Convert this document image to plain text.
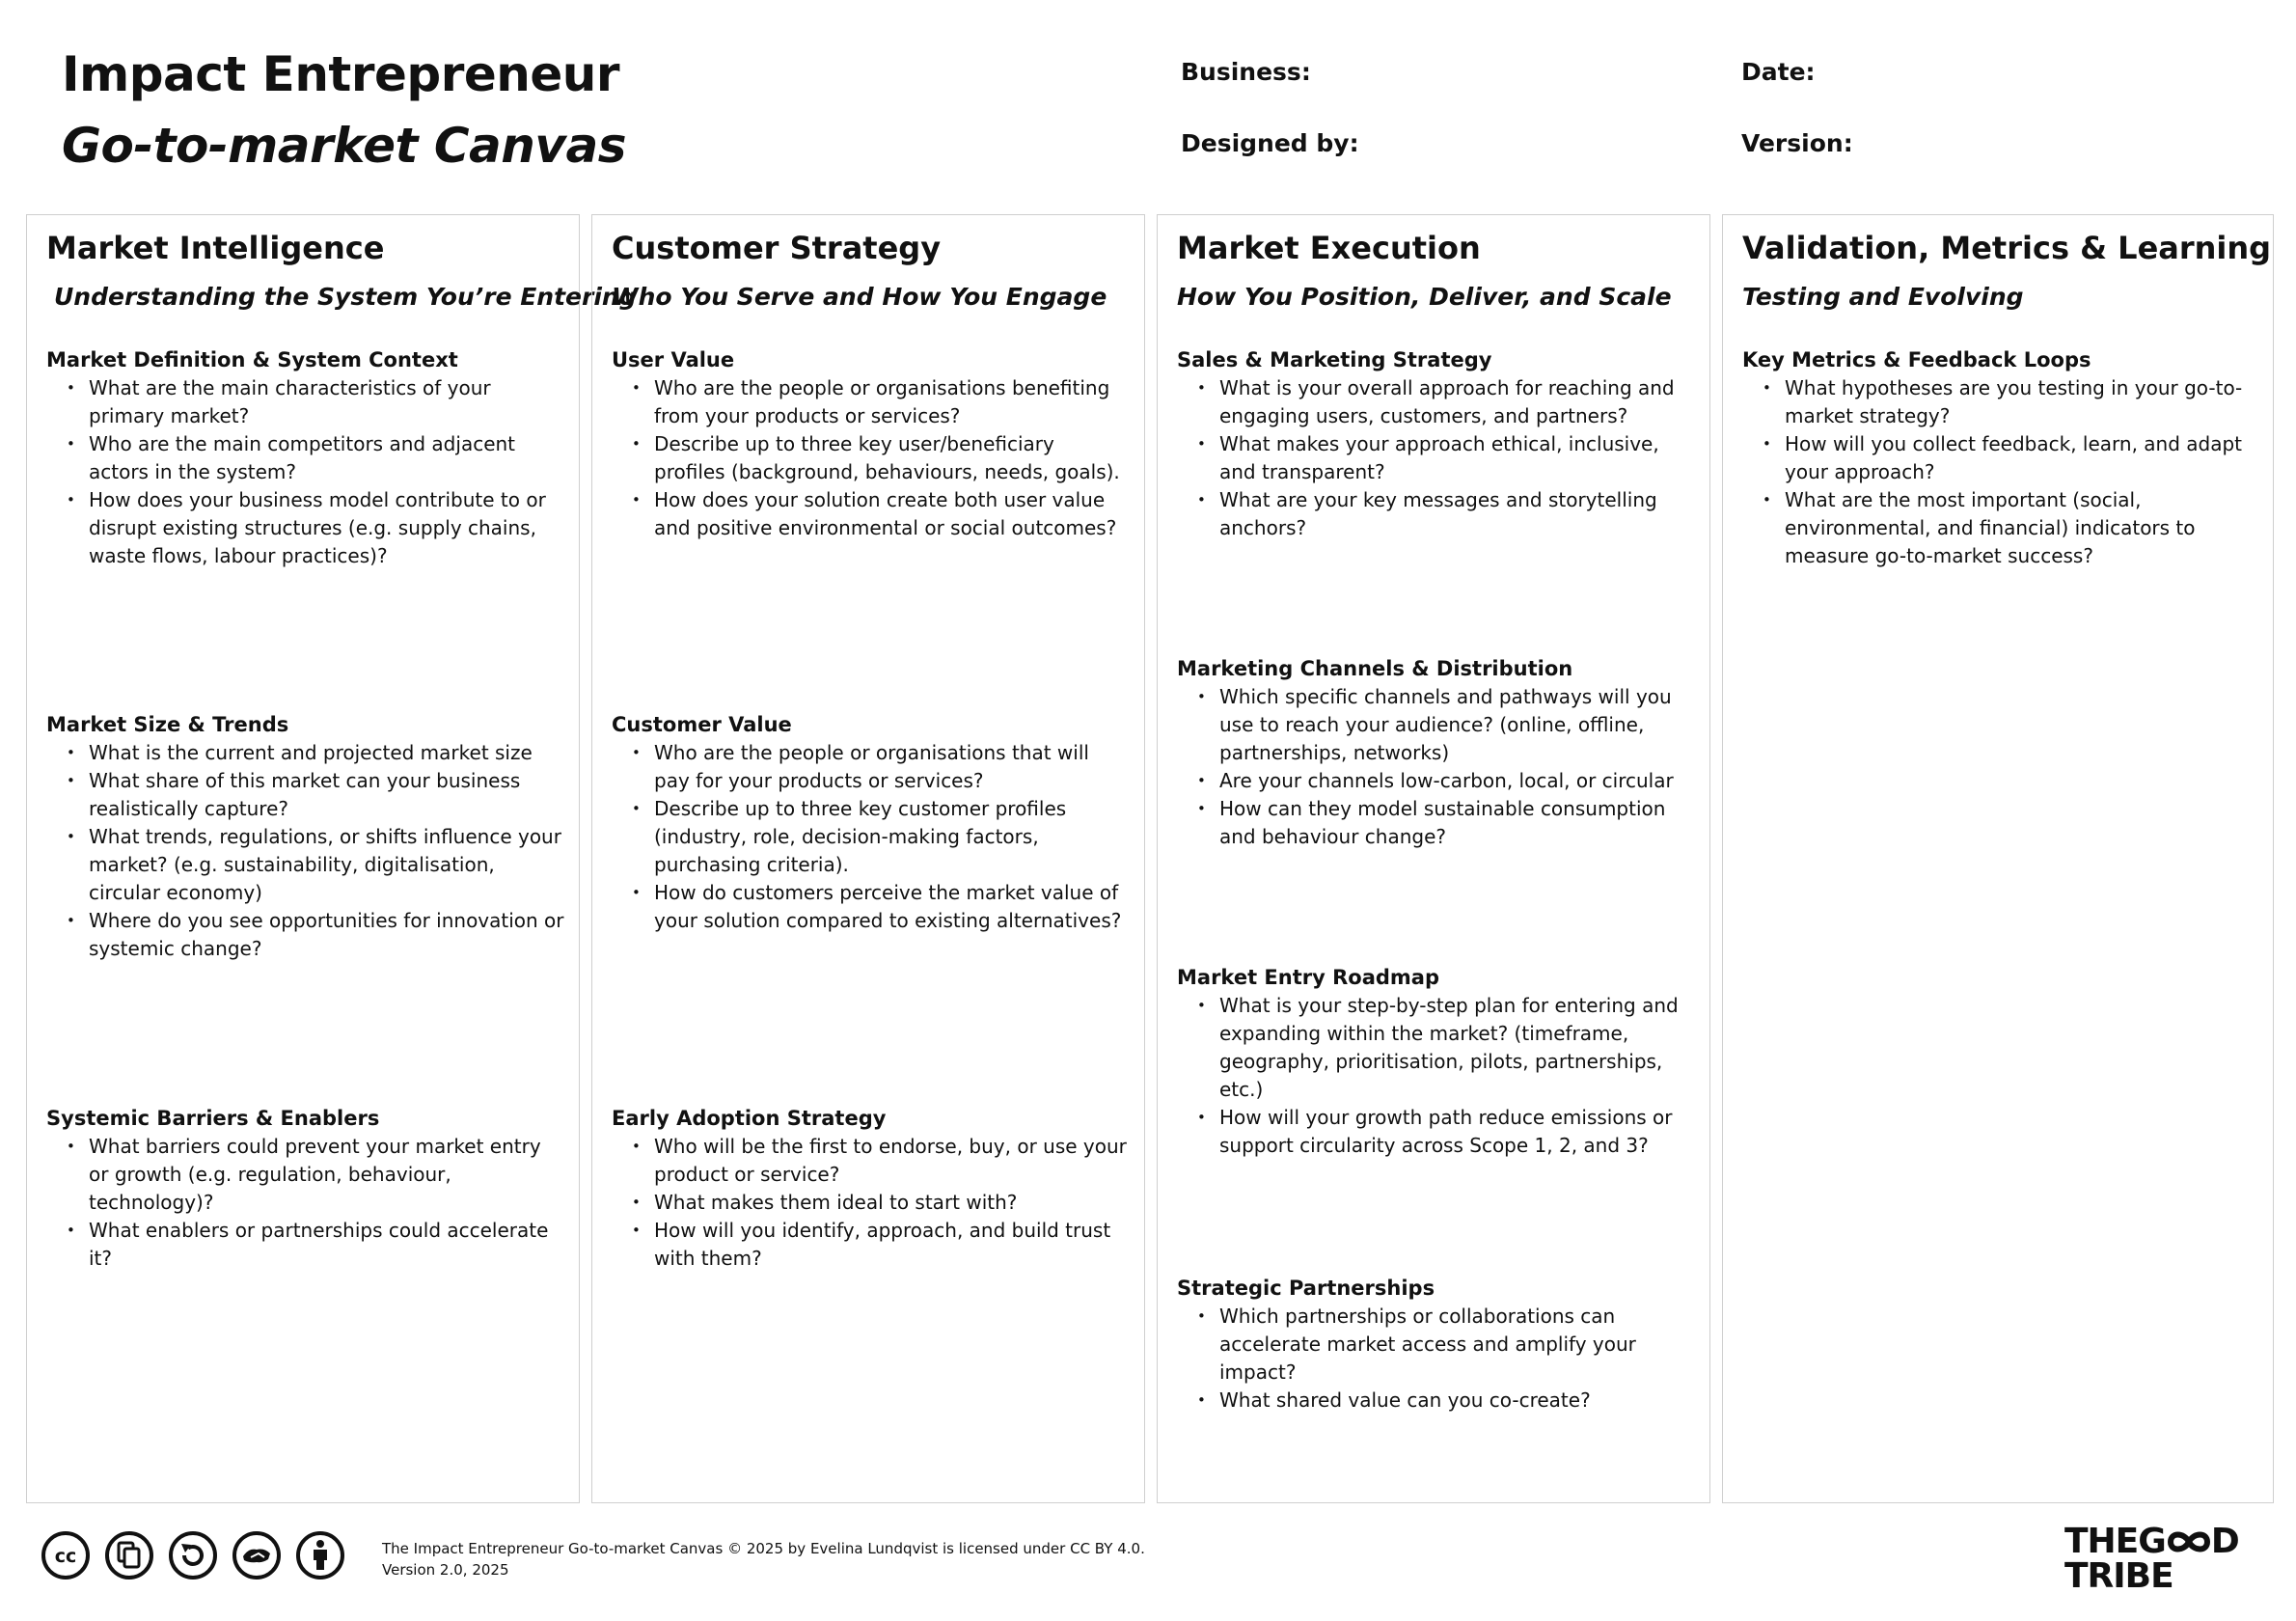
Impact Entrepreneur

Go-to-market Canvas

Business:	Date:

Designed by:	Version:

Market Intelligence

Understanding the System You’re Entering

Market Definition & System Context

• What are the main characteristics of your primary market?
• Who are the main competitors and adjacent actors in the system?
• How does your business model contribute to or disrupt existing structures (e.g. supply chains, waste flows, labour practices)?

Market Size & Trends

• What is the current and projected market size
• What share of this market can your business realistically capture?
• What trends, regulations, or shifts influence your market? (e.g. sustainability, digitalisation, circular economy)
• Where do you see opportunities for innovation or systemic change?

Systemic Barriers & Enablers

• What barriers could prevent your market entry or growth (e.g. regulation, behaviour, technology)?
• What enablers or partnerships could accelerate it?

Customer Strategy

Who You Serve and How You Engage

User Value

• Who are the people or organisations benefiting from your products or services?
• Describe up to three key user/beneficiary profiles (background, behaviours, needs, goals).
• How does your solution create both user value and positive environmental or social outcomes?

Customer Value

• Who are the people or organisations that will pay for your products or services?
• Describe up to three key customer profiles (industry, role, decision-making factors, purchasing criteria).
• How do customers perceive the market value of your solution compared to existing alternatives?

Early Adoption Strategy

• Who will be the first to endorse, buy, or use your product or service?
• What makes them ideal to start with?
• How will you identify, approach, and build trust with them?

Market Execution

How You Position, Deliver, and Scale

Sales & Marketing Strategy

• What is your overall approach for reaching and engaging users, customers, and partners?
• What makes your approach ethical, inclusive, and transparent?
• What are your key messages and storytelling anchors?

Marketing Channels & Distribution

• Which specific channels and pathways will you use to reach your audience? (online, offline, partnerships, networks)
• Are your channels low-carbon, local, or circular
• How can they model sustainable consumption and behaviour change?

Market Entry Roadmap

• What is your step-by-step plan for entering and expanding within the market? (timeframe, geography, prioritisation, pilots, partnerships, etc.)
• How will your growth path reduce emissions or support circularity across Scope 1, 2, and 3?

Strategic Partnerships

• Which partnerships or collaborations can accelerate market access and amplify your impact?
• What shared value can you co-create?

Validation, Metrics & Learning

Testing and Evolving

Key Metrics & Feedback Loops

• What hypotheses are you testing in your go-to-market strategy?
• How will you collect feedback, learn, and adapt your approach?
• What are the most important (social, environmental, and financial) indicators to measure go-to-market success?
cc	The Impact Entrepreneur Go-to-market Canvas © 2025 by Evelina Lundqvist is licensed under CC BY 4.0.

Version 2.0, 2025

THEG D
TRIBE
